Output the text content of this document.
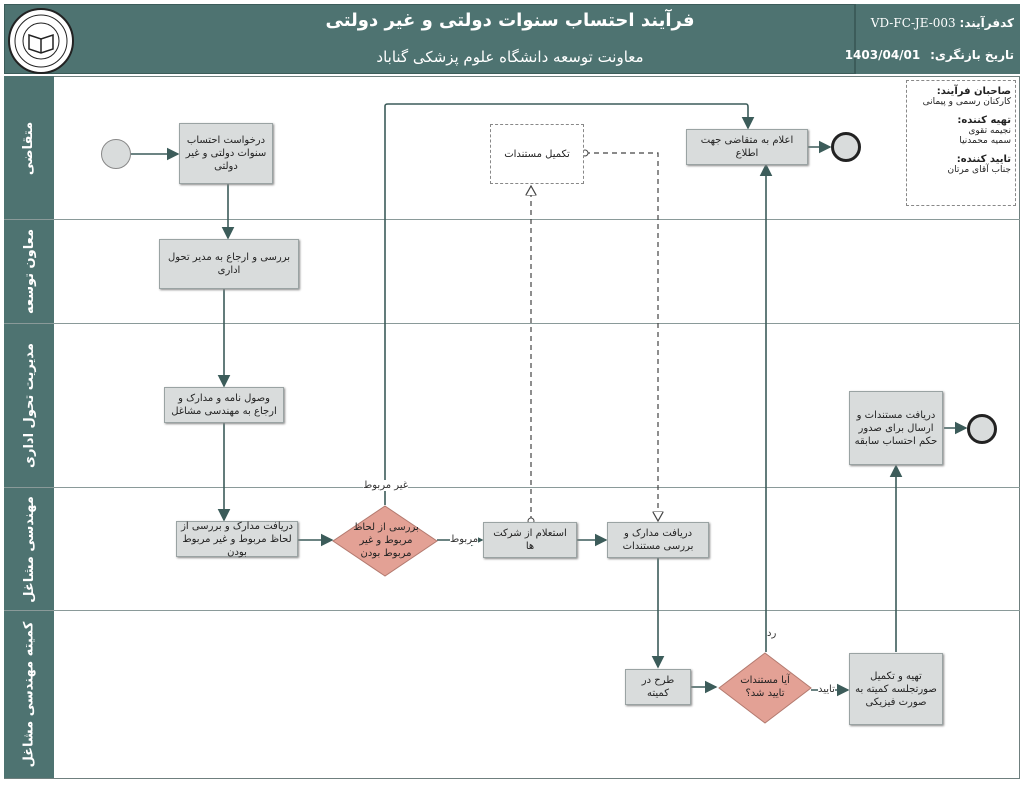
فرآیند احتساب سنوات دولتی و غیر دولتی
معاونت توسعه دانشگاه علوم پزشکی گناباد
کدفرآیند: VD-FC-JE-003
تاریخ بازنگری: 1403/04/01
متقاضی
معاون توسعه
مدیریت تحول اداری
مهندسی مشاغل
کمیته مهندسی مشاغل
درخواست احتساب سنوات دولتی و غیر دولتی
تکمیل مستندات
اعلام به متقاضی جهت اطلاع
صاحبان فرآیند:
کارکنان رسمی و پیمانی
تهیه کننده:
نجیمه تقوی
سمیه محمدنیا
تایید کننده:
جناب آقای مرتان
بررسی و ارجاع به مدیر تحول اداری
وصول نامه و مدارک و ارجاع به مهندسی مشاغل	دریافت مستندات و ارسال برای صدور حکم احتساب سابقه
دریافت مدارک و بررسی از لحاظ مربوط و غیر مربوط بودن
بررسی از لحاظ مربوط و غیر مربوط بودن
استعلام از شرکت ها
دریافت مدارک و بررسی مستندات
طرح در کمیته
آیا مستندات تایید شد؟
تهیه و تکمیل صورتجلسه کمیته به صورت فیزیکی
غیر مربوط
مربوط
رد
تایید
